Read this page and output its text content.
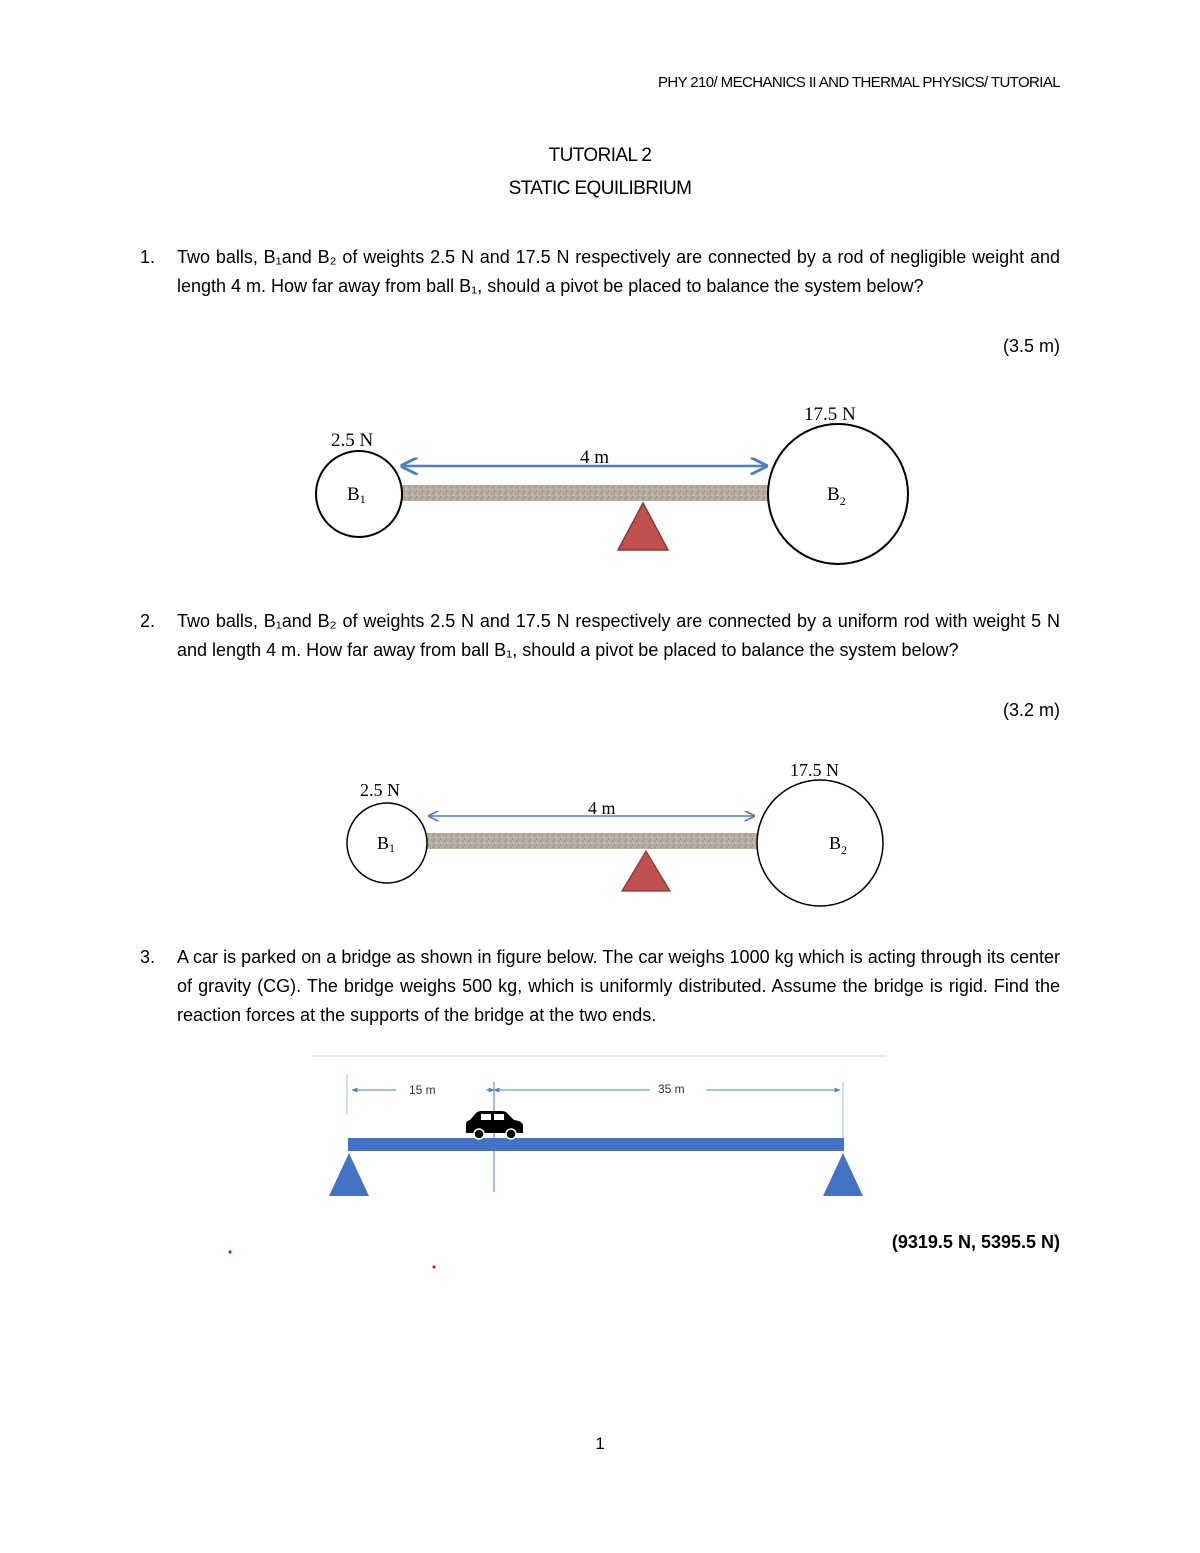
PHY 210/ MECHANICS II AND THERMAL PHYSICS/ TUTORIAL
TUTORIAL 2
STATIC EQUILIBRIUM
1. Two balls, B₁and B₂ of weights 2.5 N and 17.5 N respectively are connected by a rod of negligible weight and length 4 m. How far away from ball B₁, should a pivot be placed to balance the system below?
(3.5 m)
2. Two balls, B₁and B₂ of weights 2.5 N and 17.5 N respectively are connected by a uniform rod with weight 5 N and length 4 m. How far away from ball B₁, should a pivot be placed to balance the system below?
(3.2 m)
3. A car is parked on a bridge as shown in figure below. The car weighs 1000 kg which is acting through its center of gravity (CG). The bridge weighs 500 kg, which is uniformly distributed. Assume the bridge is rigid. Find the reaction forces at the supports of the bridge at the two ends.
(9319.5 N, 5395.5 N)
2.5 N
17.5 N
4 m
B1	$B_2$
2.5 N
17.5 N
4 m
B1	$B_2$
15 m	35 m
1
